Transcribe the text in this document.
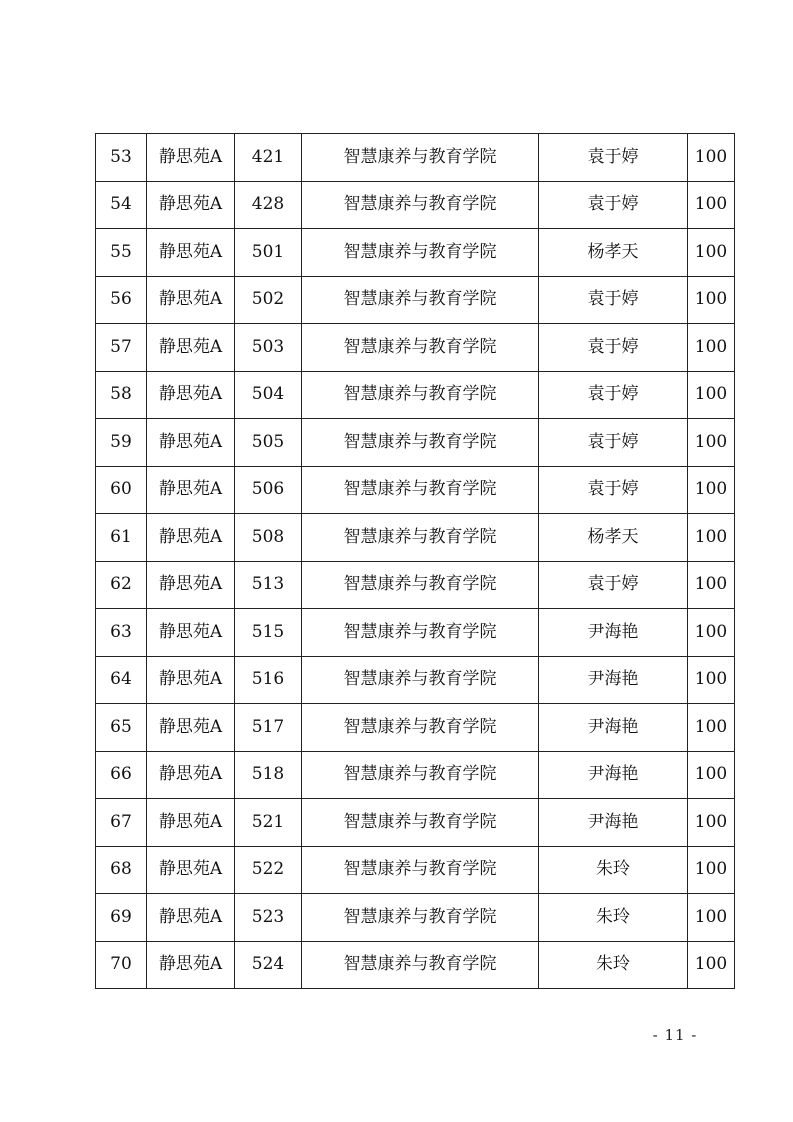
53	静思苑A	421	智慧康养与教育学院	袁于婷	100
54	静思苑A	428	智慧康养与教育学院	袁于婷	100
55	静思苑A	501	智慧康养与教育学院	杨孝天	100
56	静思苑A	502	智慧康养与教育学院	袁于婷	100
57	静思苑A	503	智慧康养与教育学院	袁于婷	100
58	静思苑A	504	智慧康养与教育学院	袁于婷	100
59	静思苑A	505	智慧康养与教育学院	袁于婷	100
60	静思苑A	506	智慧康养与教育学院	袁于婷	100
61	静思苑A	508	智慧康养与教育学院	杨孝天	100
62	静思苑A	513	智慧康养与教育学院	袁于婷	100
63	静思苑A	515	智慧康养与教育学院	尹海艳	100
64	静思苑A	516	智慧康养与教育学院	尹海艳	100
65	静思苑A	517	智慧康养与教育学院	尹海艳	100
66	静思苑A	518	智慧康养与教育学院	尹海艳	100
67	静思苑A	521	智慧康养与教育学院	尹海艳	100
68	静思苑A	522	智慧康养与教育学院	朱玲	100
69	静思苑A	523	智慧康养与教育学院	朱玲	100
70	静思苑A	524	智慧康养与教育学院	朱玲	100
- 11 -
